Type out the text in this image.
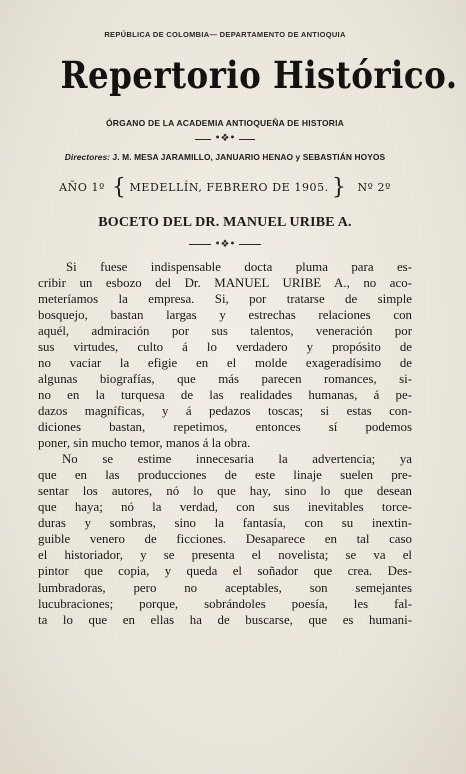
REPÚBLICA DE COLOMBIA— DEPARTAMENTO DE ANTIOQUIA
Repertorio Histórico.
ÓRGANO DE LA ACADEMIA ANTIOQUEÑA DE HISTORIA
•❖•
Directores: J. M. MESA JARAMILLO, JANUARIO HENAO y SEBASTIÁN HOYOS
AÑO 1º { MEDELLÍN, FEBRERO DE 1905. } Nº 2º
BOCETO DEL DR. MANUEL URIBE A.
•❖•
Si fuese indispensable docta pluma para es-
cribir un esbozo del Dr. MANUEL URIBE A., no aco-
meteríamos la empresa. Si, por tratarse de simple
bosquejo, bastan largas y estrechas relaciones con
aquél, admiración por sus talentos, veneración por
sus virtudes, culto á lo verdadero y propósito de
no vaciar la efigie en el molde exageradísimo de
algunas biografías, que más parecen romances, si-
no en la turquesa de las realidades humanas, á pe-
dazos magníficas, y á pedazos toscas; si estas con-
diciones bastan, repetimos, entonces sí podemos
poner, sin mucho temor, manos á la obra.
No se estime innecesaria la advertencia; ya
que en las producciones de este linaje suelen pre-
sentar los autores, nó lo que hay, sino lo que desean
que haya; nó la verdad, con sus inevitables torce-
duras y sombras, sino la fantasía, con su inextin-
guible venero de ficciones. Desaparece en tal caso
el historiador, y se presenta el novelista; se va el
pintor que copia, y queda el soñador que crea. Des-
lumbradoras, pero no aceptables, son semejantes
lucubraciones; porque, sobrándoles poesía, les fal-
ta lo que en ellas ha de buscarse, que es humani-
